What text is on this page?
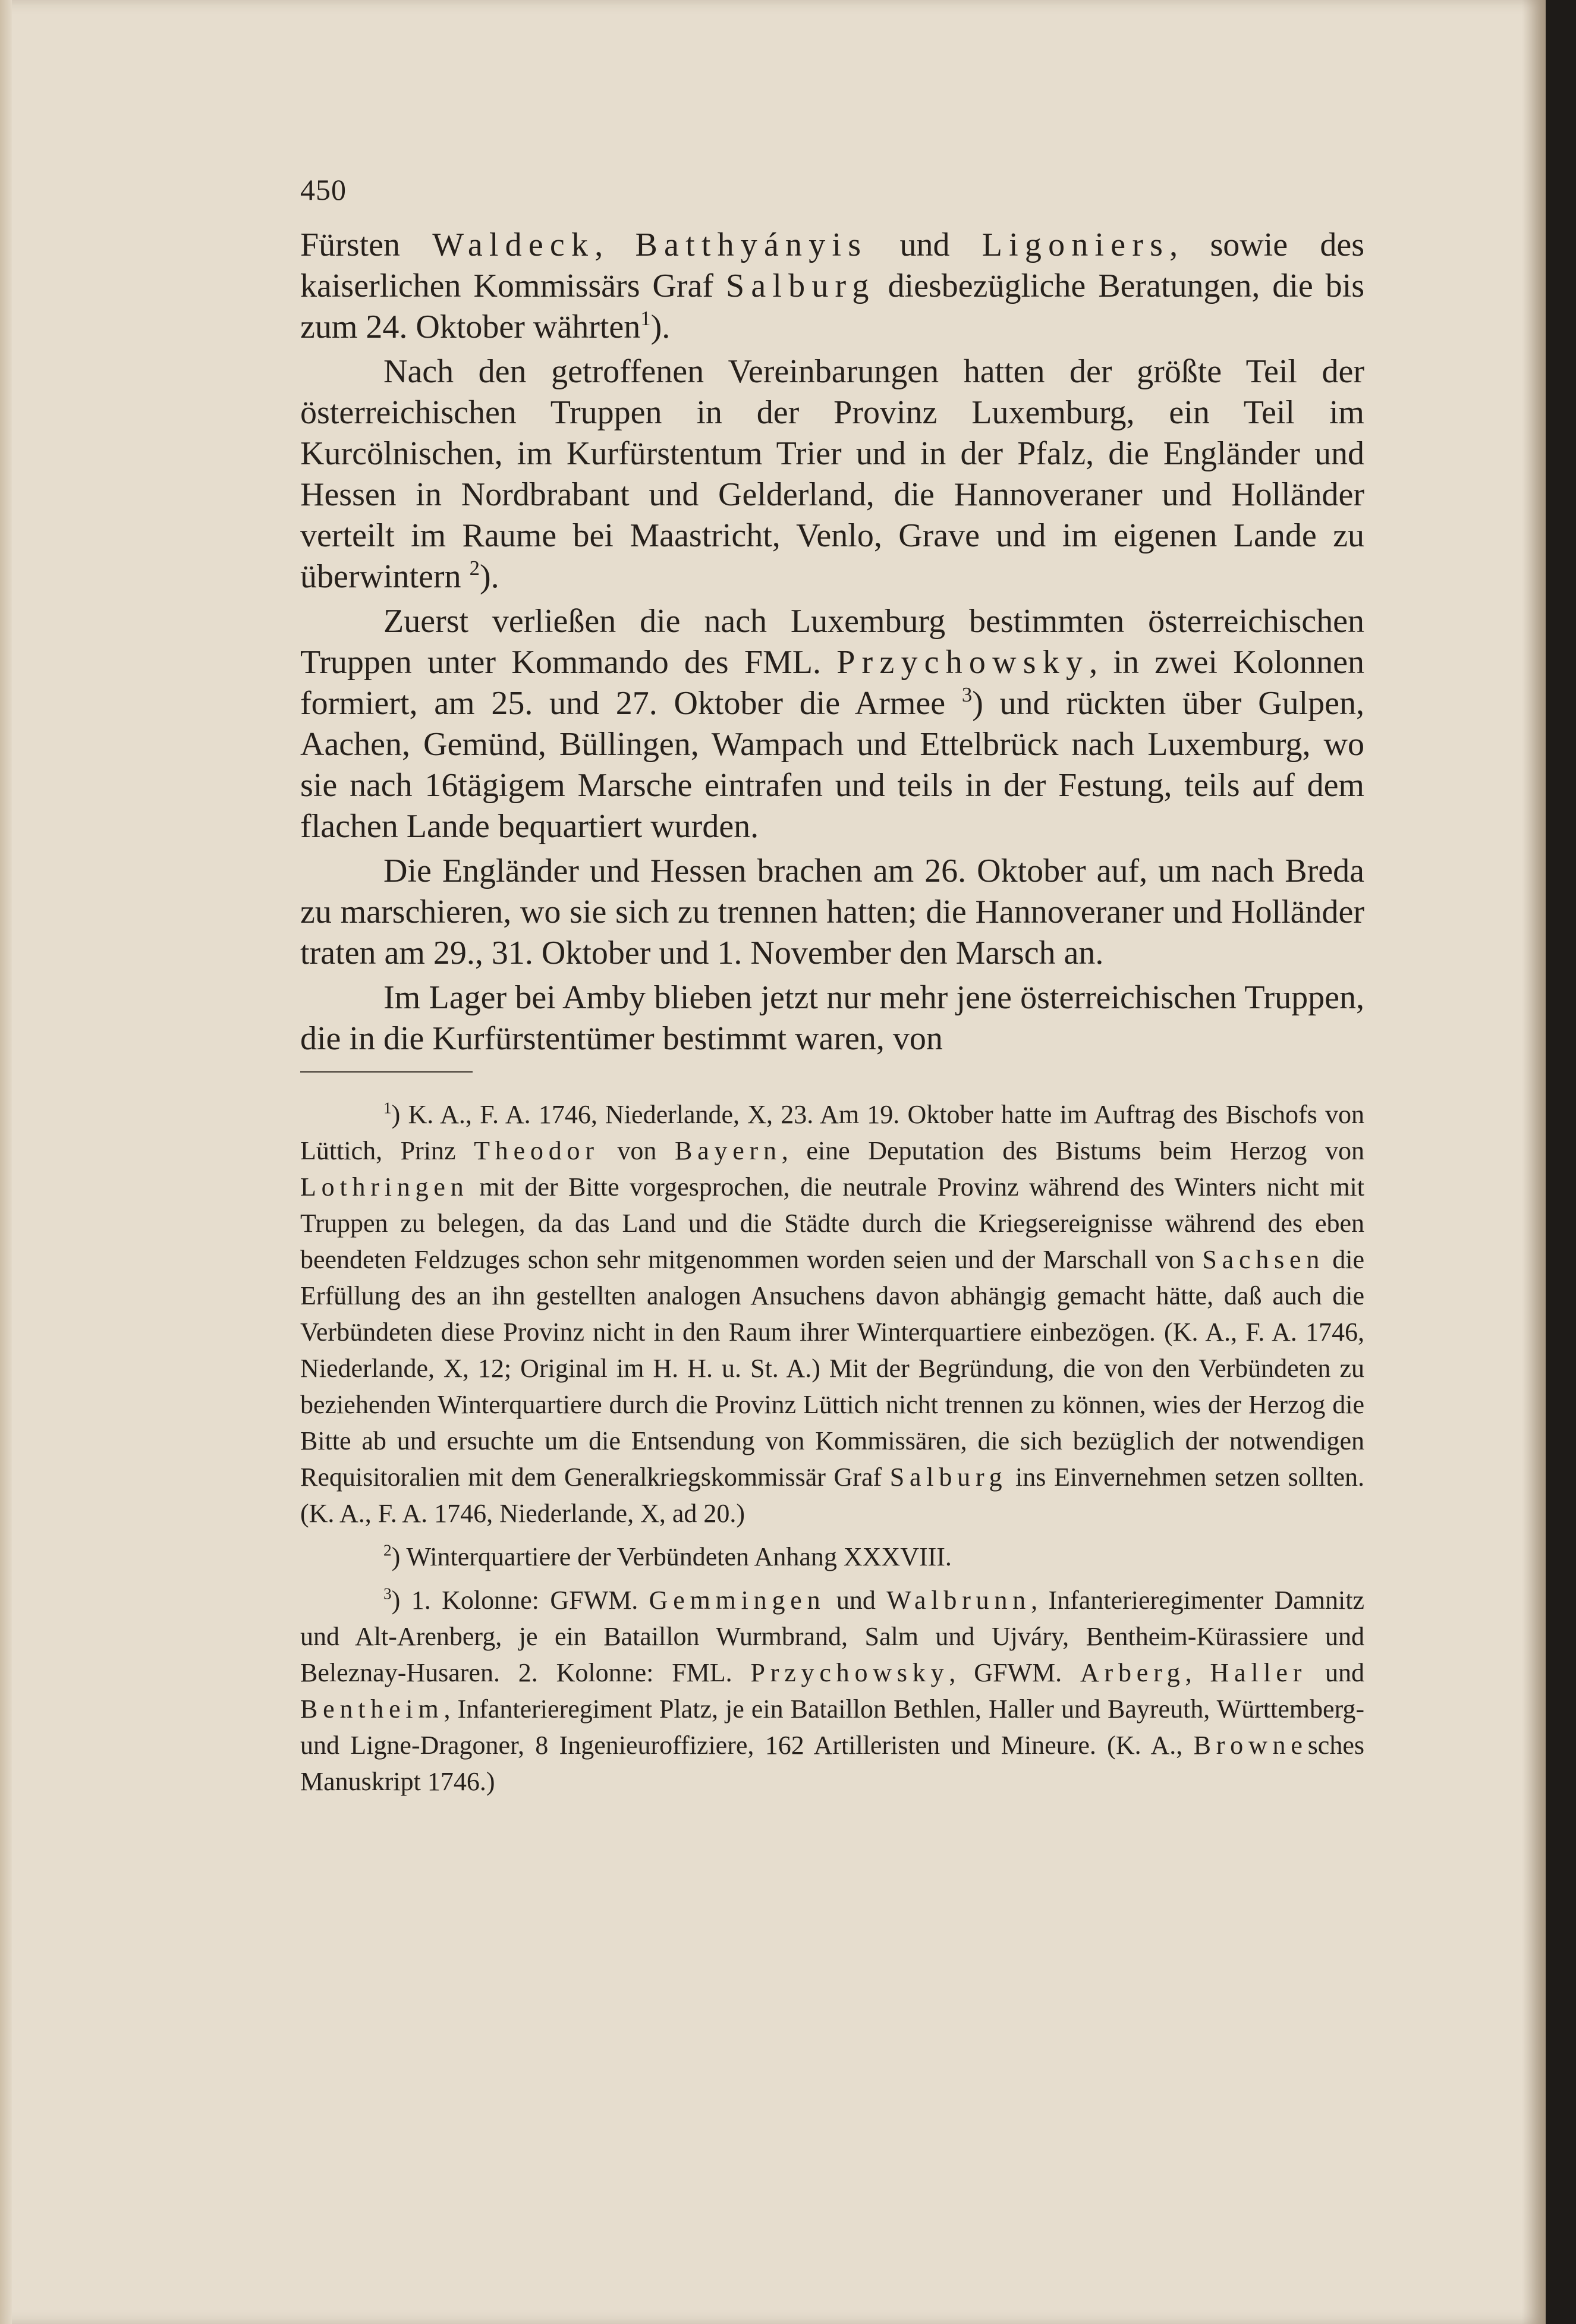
450

Fürsten Waldeck, Batthyányis und Ligoniers, sowie des kaiserlichen Kommissärs Graf Salburg diesbezügliche Beratungen, die bis zum 24. Oktober währten$^1$).

Nach den getroffenen Vereinbarungen hatten der größte Teil der österreichischen Truppen in der Provinz Luxemburg, ein Teil im Kurcölnischen, im Kurfürstentum Trier und in der Pfalz, die Engländer und Hessen in Nordbrabant und Gelderland, die Hannoveraner und Holländer verteilt im Raume bei Maastricht, Venlo, Grave und im eigenen Lande zu überwintern $^2$).

Zuerst verließen die nach Luxemburg bestimmten österreichischen Truppen unter Kommando des FML. Przychowsky, in zwei Kolonnen formiert, am 25. und 27. Oktober die Armee $^3$) und rückten über Gulpen, Aachen, Gemünd, Büllingen, Wampach und Ettelbrück nach Luxemburg, wo sie nach 16tägigem Marsche eintrafen und teils in der Festung, teils auf dem flachen Lande bequartiert wurden.

Die Engländer und Hessen brachen am 26. Oktober auf, um nach Breda zu marschieren, wo sie sich zu trennen hatten; die Hannoveraner und Holländer traten am 29., 31. Oktober und 1. November den Marsch an.

Im Lager bei Amby blieben jetzt nur mehr jene österreichischen Truppen, die in die Kurfürstentümer bestimmt waren, von

$^1$) K. A., F. A. 1746, Niederlande, X, 23. Am 19. Oktober hatte im Auftrag des Bischofs von Lüttich, Prinz Theodor von Bayern, eine Deputation des Bistums beim Herzog von Lothringen mit der Bitte vorgesprochen, die neutrale Provinz während des Winters nicht mit Truppen zu belegen, da das Land und die Städte durch die Kriegsereignisse während des eben beendeten Feldzuges schon sehr mitgenommen worden seien und der Marschall von Sachsen die Erfüllung des an ihn gestellten analogen Ansuchens davon abhängig gemacht hätte, daß auch die Verbündeten diese Provinz nicht in den Raum ihrer Winterquartiere einbezögen. (K. A., F. A. 1746, Niederlande, X, 12; Original im H. H. u. St. A.) Mit der Begründung, die von den Verbündeten zu beziehenden Winterquartiere durch die Provinz Lüttich nicht trennen zu können, wies der Herzog die Bitte ab und ersuchte um die Entsendung von Kommissären, die sich bezüglich der notwendigen Requisitoralien mit dem Generalkriegskommissär Graf Salburg ins Einvernehmen setzen sollten. (K. A., F. A. 1746, Niederlande, X, ad 20.)

$^2$) Winterquartiere der Verbündeten Anhang XXXVIII.

$^3$) 1. Kolonne: GFWM. Gemmingen und Walbrunn, Infanterieregimenter Damnitz und Alt-Arenberg, je ein Bataillon Wurmbrand, Salm und Ujváry, Bentheim-Kürassiere und Beleznay-Husaren. 2. Kolonne: FML. Przychowsky, GFWM. Arberg, Haller und Bentheim, Infanterieregiment Platz, je ein Bataillon Bethlen, Haller und Bayreuth, Württemberg- und Ligne-Dragoner, 8 Ingenieuroffiziere, 162 Artilleristen und Mineure. (K. A., Brownesches Manuskript 1746.)
